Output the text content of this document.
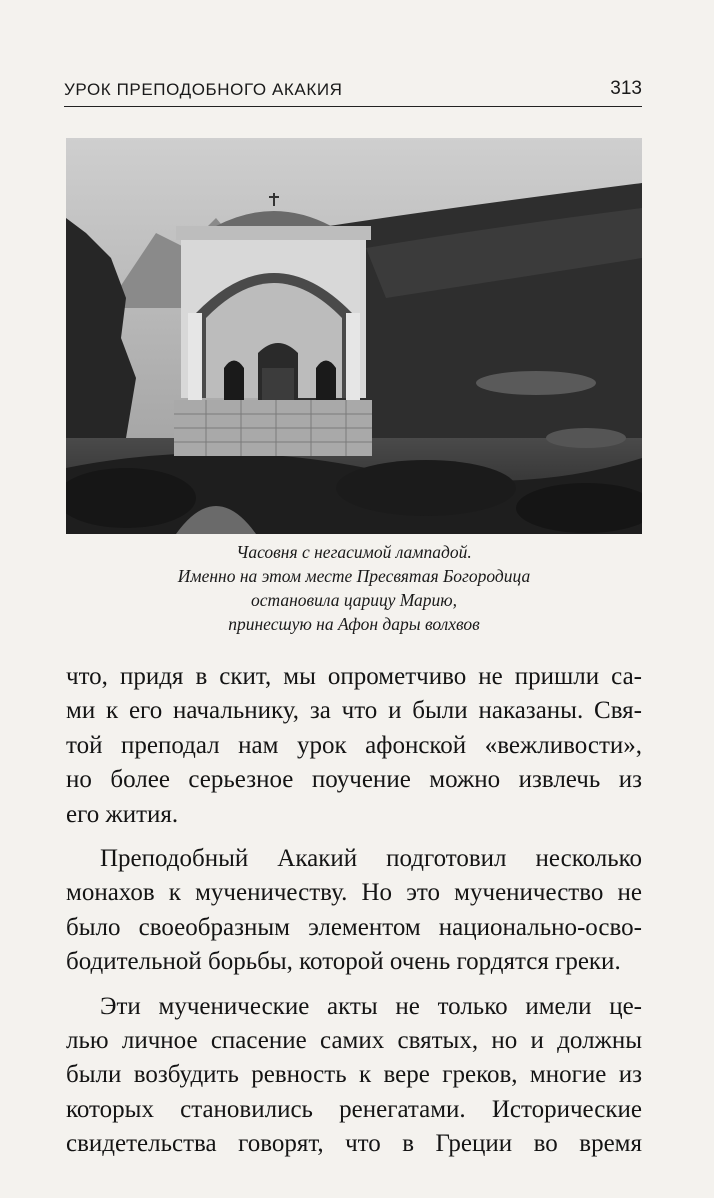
УРОК ПРЕПОДОБНОГО АКАКИЯ	313
Часовня с негасимой лампадой.
Именно на этом месте Пресвятая Богородица
остановила царицу Марию,
принесшую на Афон дары волхвов
что, придя в скит, мы опрометчиво не пришли са-
ми к его начальнику, за что и были наказаны. Свя-
той преподал нам урок афонской «вежливости»,
но более серьезное поучение можно извлечь из
его жития.
Преподобный Акакий подготовил несколько
монахов к мученичеству. Но это мученичество не
было своеобразным элементом национально-осво-
бодительной борьбы, которой очень гордятся греки.
Эти мученические акты не только имели це-
лью личное спасение самих святых, но и должны
были возбудить ревность к вере греков, многие из
которых становились ренегатами. Исторические
свидетельства говорят, что в Греции во время
